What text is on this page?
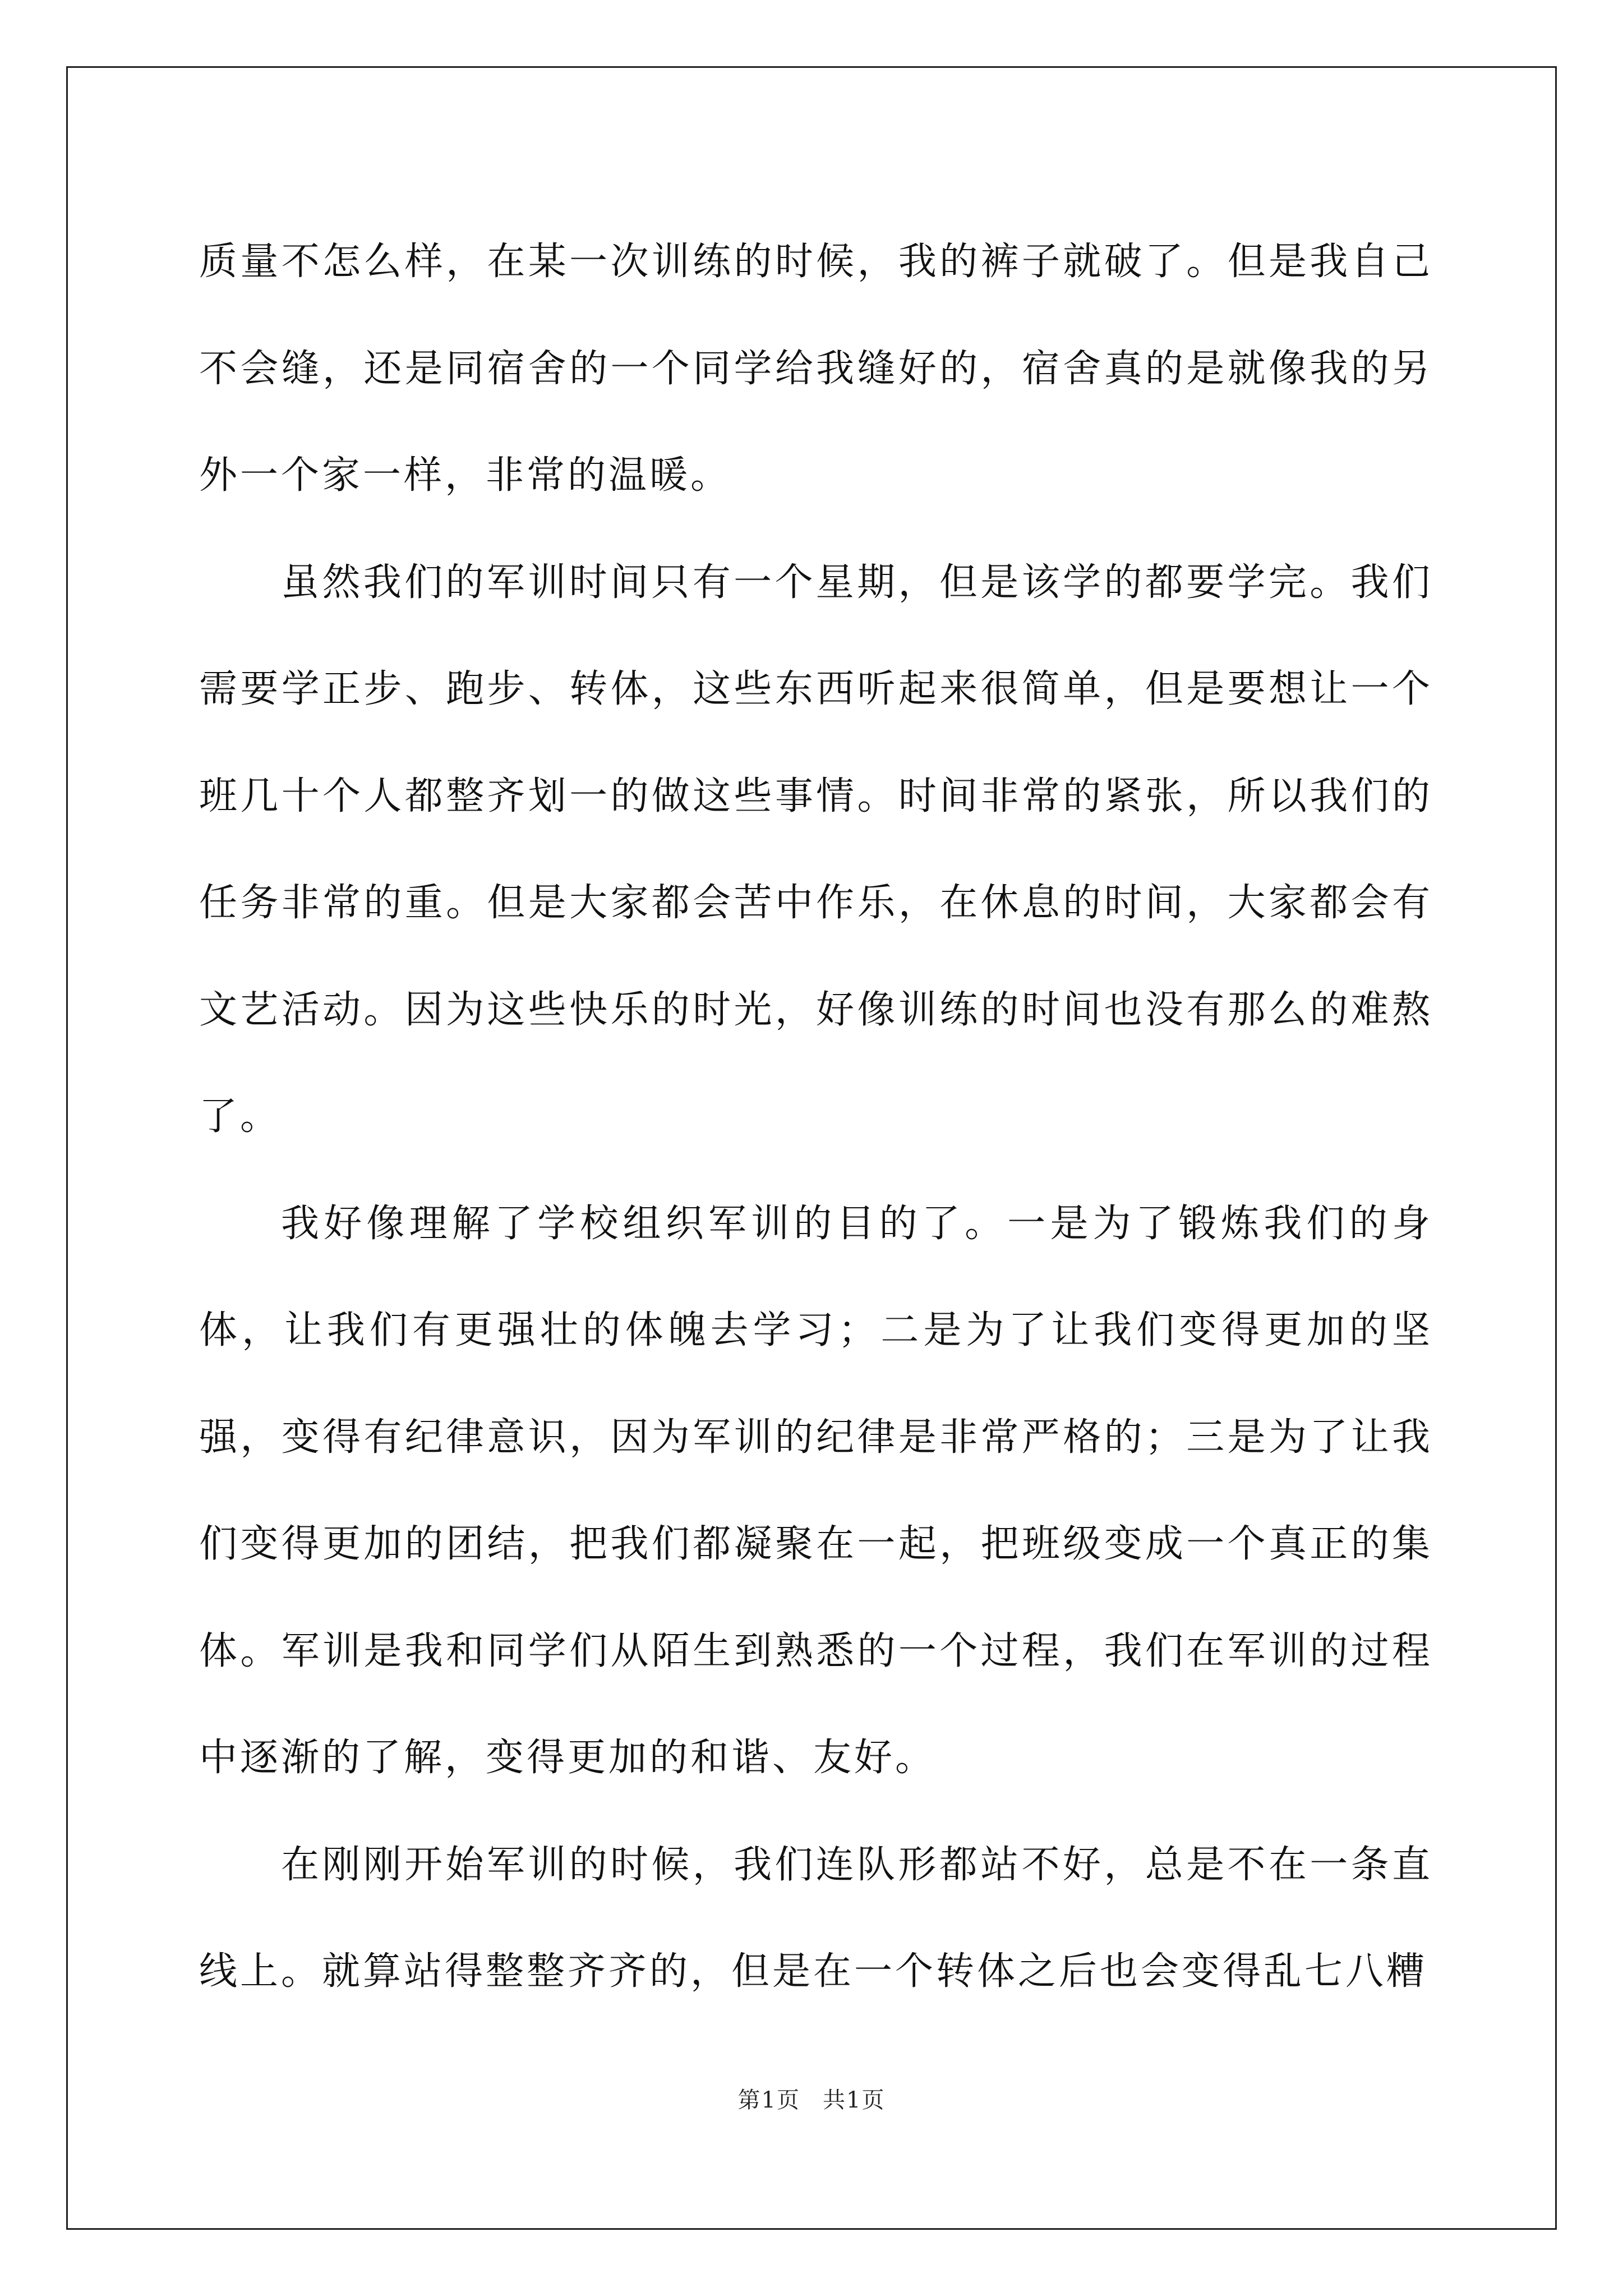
质量不怎么样，在某一次训练的时候，我的裤子就破了。但是我自己不会缝，还是同宿舍的一个同学给我缝好的，宿舍真的是就像我的另外一个家一样，非常的温暖。

虽然我们的军训时间只有一个星期，但是该学的都要学完。我们需要学正步、跑步、转体，这些东西听起来很简单，但是要想让一个班几十个人都整齐划一的做这些事情。时间非常的紧张，所以我们的任务非常的重。但是大家都会苦中作乐，在休息的时间，大家都会有文艺活动。因为这些快乐的时光，好像训练的时间也没有那么的难熬了。

我好像理解了学校组织军训的目的了。一是为了锻炼我们的身体，让我们有更强壮的体魄去学习；二是为了让我们变得更加的坚强，变得有纪律意识，因为军训的纪律是非常严格的；三是为了让我们变得更加的团结，把我们都凝聚在一起，把班级变成一个真正的集体。军训是我和同学们从陌生到熟悉的一个过程，我们在军训的过程中逐渐的了解，变得更加的和谐、友好。

在刚刚开始军训的时候，我们连队形都站不好，总是不在一条直线上。就算站得整整齐齐的，但是在一个转体之后也会变得乱七八糟

第1页 共1页
